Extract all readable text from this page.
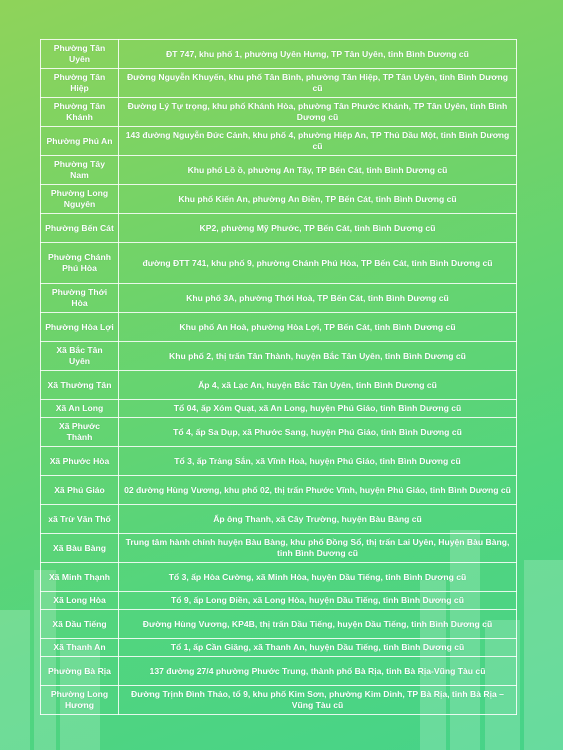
Phường Tân Uyên	ĐT 747, khu phố 1, phường Uyên Hưng, TP Tân Uyên, tỉnh Bình Dương cũ
Phường Tân Hiệp	Đường Nguyễn Khuyến, khu phố Tân Bình, phường Tân Hiệp, TP Tân Uyên, tỉnh Bình Dương cũ
Phường Tân Khánh	Đường Lý Tự trọng, khu phố Khánh Hòa, phường Tân Phước Khánh, TP Tân Uyên, tỉnh Bình Dương cũ
Phường Phú An	143 đường Nguyễn Đức Cảnh, khu phố 4, phường Hiệp An, TP Thủ Dầu Một, tỉnh Bình Dương cũ
Phường Tây Nam	Khu phố Lồ ồ, phường An Tây, TP Bến Cát, tỉnh Bình Dương cũ
Phường Long Nguyên	Khu phố Kiến An, phường An Điền, TP Bến Cát, tỉnh Bình Dương cũ
Phường Bến Cát	KP2, phường Mỹ Phước, TP Bến Cát, tỉnh Bình Dương cũ
Phường Chánh Phú Hòa	đường ĐTT 741, khu phố 9, phường Chánh Phú Hòa, TP Bến Cát, tỉnh Bình Dương cũ
Phường Thới Hòa	Khu phố 3A, phường Thới Hoà, TP Bến Cát, tỉnh Bình Dương cũ
Phường Hòa Lợi	Khu phố An Hoà, phường Hòa Lợi, TP Bến Cát, tỉnh Bình Dương cũ
Xã Bắc Tân Uyên	Khu phố 2, thị trấn Tân Thành, huyện Bắc Tân Uyên, tỉnh Bình Dương cũ
Xã Thường Tân	Ấp 4, xã Lạc An, huyện Bắc Tân Uyên, tỉnh Bình Dương cũ
Xã An Long	Tổ 04, ấp Xóm Quạt, xã An Long, huyện Phú Giáo, tỉnh Bình Dương cũ
Xã Phước Thành	Tổ 4, ấp Sa Dụp, xã Phước Sang, huyện Phú Giáo, tỉnh Bình Dương cũ
Xã Phước Hòa	Tổ 3, ấp Trảng Sắn, xã Vĩnh Hoà, huyện Phú Giáo, tỉnh Bình Dương cũ
Xã Phú Giáo	02 đường Hùng Vương, khu phố 02, thị trấn Phước Vĩnh, huyện Phú Giáo, tỉnh Bình Dương cũ
xã Trừ Văn Thố	Ấp ông Thanh, xã Cây Trường, huyện Bàu Bàng cũ
Xã Bàu Bàng	Trung tâm hành chính huyện Bàu Bàng, khu phố Đồng Sổ, thị trấn Lai Uyên, Huyện Bàu Bàng, tỉnh Bình Dương cũ
Xã Minh Thạnh	Tổ 3, ấp Hòa Cường, xã Minh Hòa, huyện Dầu Tiếng, tỉnh Bình Dương cũ
Xã Long Hòa	Tổ 9, ấp Long Điền, xã Long Hòa, huyện Dầu Tiếng, tỉnh Bình Dương cũ
Xã Dầu Tiếng	Đường Hùng Vương, KP4B, thị trấn Dầu Tiếng, huyện Dầu Tiếng, tỉnh Bình Dương cũ
Xã Thanh An	Tổ 1, ấp Cần Giăng, xã Thanh An, huyện Dầu Tiếng, tỉnh Bình Dương cũ
Phường Bà Rịa	137 đường 27/4 phường Phước Trung, thành phố Bà Rịa, tỉnh Bà Rịa-Vũng Tàu cũ
Phường Long Hương	Đường Trịnh Đình Thảo, tổ 9, khu phố Kim Sơn, phường Kim Dinh, TP Bà Rịa, tỉnh Bà Rịa – Vũng Tàu cũ
